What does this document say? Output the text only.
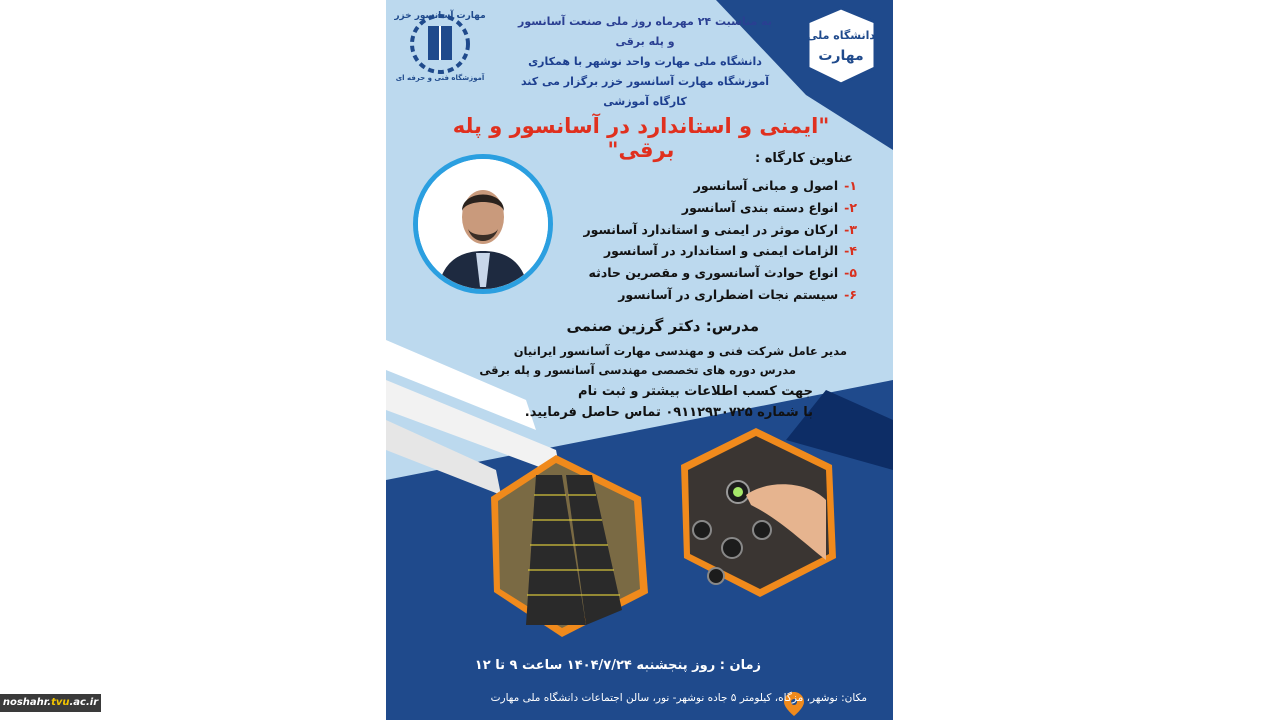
دانشگاه ملی
مهارت
مهارت آسانسور خزر
آموزشگاه فنی و حرفه ای
به مناسبت ۲۴ مهرماه روز ملی صنعت آسانسور و پله برقی
دانشگاه ملی مهارت واحد نوشهر با همکاری
آموزشگاه مهارت آسانسور خزر برگزار می کند
کارگاه آموزشی
"ایمنی و استاندارد در آسانسور و پله برقی"	عناوین کارگاه :
۱-اصول و مبانی آسانسور
۲-انواع دسته بندی آسانسور
۳-ارکان موثر در ایمنی و استاندارد آسانسور
۴-الزامات ایمنی و استاندارد در آسانسور
۵-انواع حوادث آسانسوری و مقصرین حادثه
۶-سیستم نجات اضطراری در آسانسور
مدرس: دکتر گرزین صنمی
مدیر عامل شرکت فنی و مهندسی مهارت آسانسور ایرانیان
مدرس دوره های تخصصی مهندسی آسانسور و پله برقی
جهت کسب اطلاعات بیشتر و ثبت نام
با شماره ۰۹۱۱۲۹۳۰۷۲۵ تماس حاصل فرمایید.
زمان : روز پنجشنبه ۱۴۰۴/۷/۲۴ ساعت ۹ تا ۱۲
مکان: نوشهر، مزگاه، کیلومتر ۵ جاده نوشهر- نور، سالن اجتماعات دانشگاه ملی مهارت
noshahr.tvu.ac.ir
